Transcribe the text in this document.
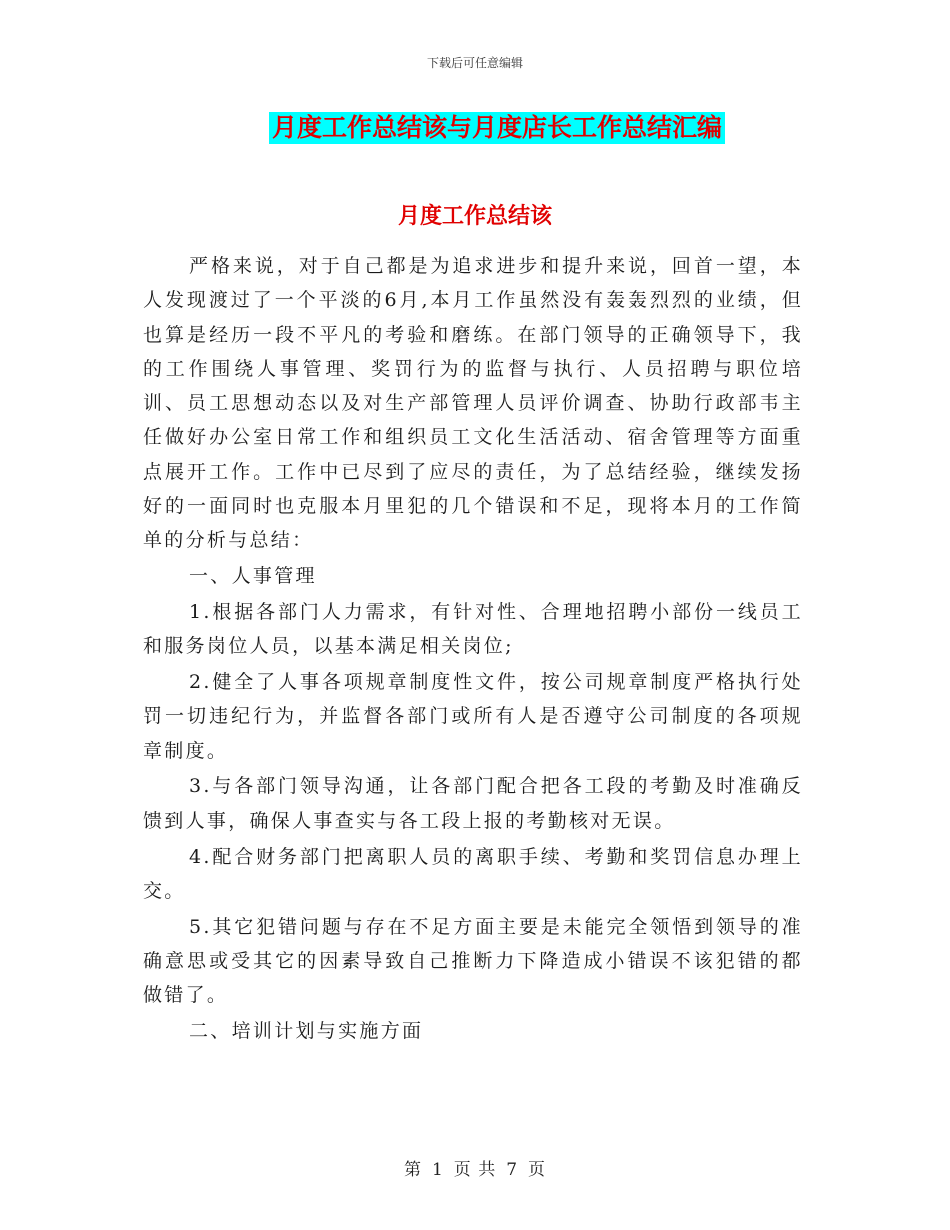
下载后可任意编辑
月度工作总结该与月度店长工作总结汇编
月度工作总结该

严格来说，对于自己都是为追求进步和提升来说，回首一望，本人发现渡过了一个平淡的6月,本月工作虽然没有轰轰烈烈的业绩，但也算是经历一段不平凡的考验和磨练。在部门领导的正确领导下，我的工作围绕人事管理、奖罚行为的监督与执行、人员招聘与职位培训、员工思想动态以及对生产部管理人员评价调查、协助行政部韦主任做好办公室日常工作和组织员工文化生活活动、宿舍管理等方面重点展开工作。工作中已尽到了应尽的责任，为了总结经验，继续发扬好的一面同时也克服本月里犯的几个错误和不足，现将本月的工作简单的分析与总结：

一、人事管理

1.根据各部门人力需求，有针对性、合理地招聘小部份一线员工和服务岗位人员，以基本满足相关岗位;

2.健全了人事各项规章制度性文件，按公司规章制度严格执行处罚一切违纪行为，并监督各部门或所有人是否遵守公司制度的各项规章制度。

3.与各部门领导沟通，让各部门配合把各工段的考勤及时准确反馈到人事，确保人事查实与各工段上报的考勤核对无误。

4.配合财务部门把离职人员的离职手续、考勤和奖罚信息办理上交。

5.其它犯错问题与存在不足方面主要是未能完全领悟到领导的准确意思或受其它的因素导致自己推断力下降造成小错误不该犯错的都做错了。

二、培训计划与实施方面

第 1 页 共 7 页
